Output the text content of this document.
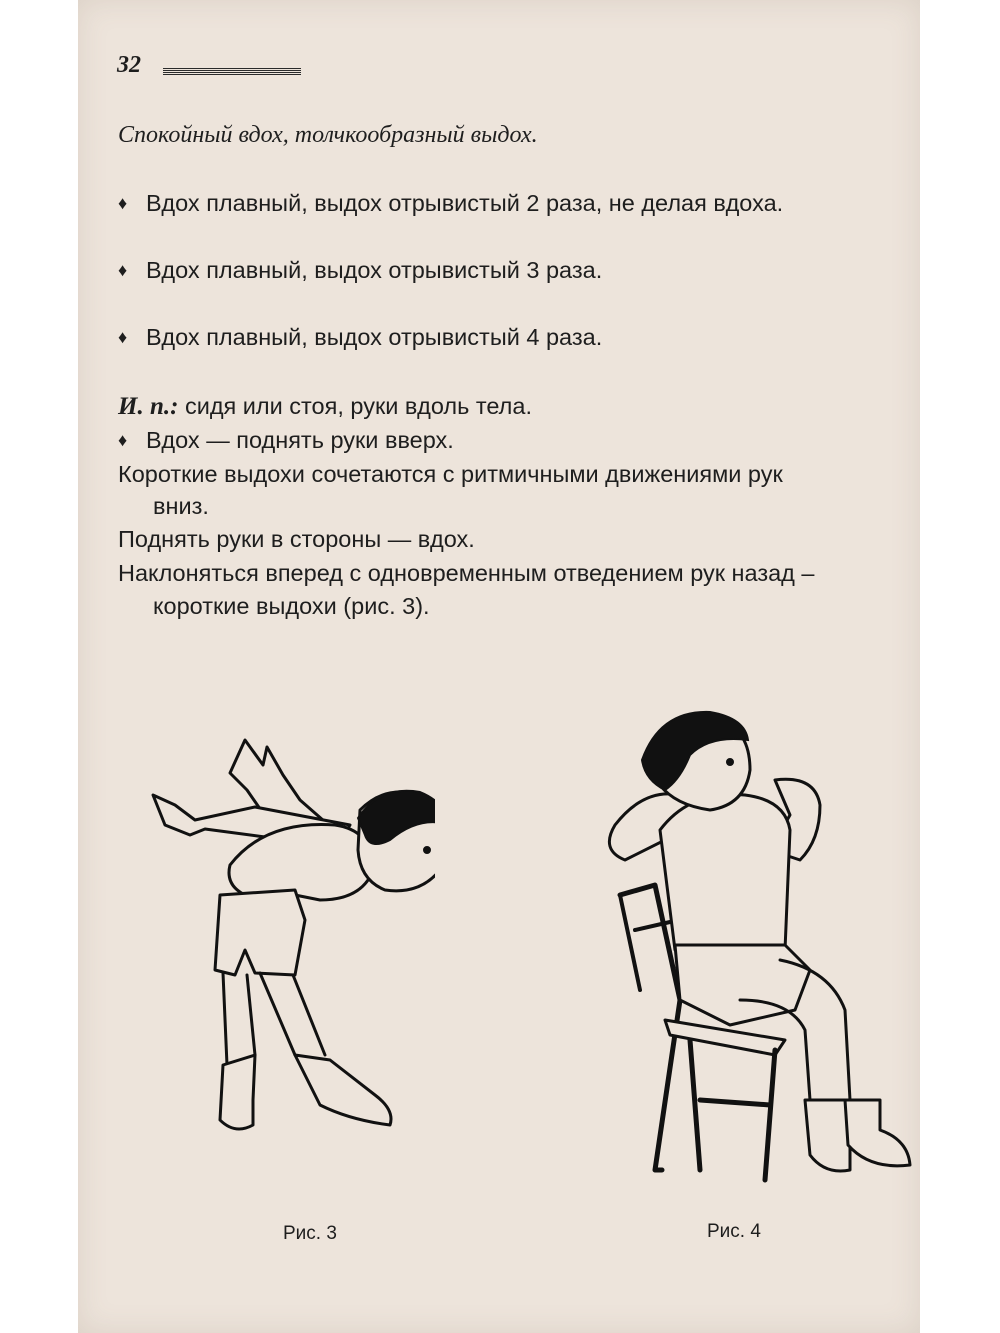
32
Спокойный вдох, толчкообразный выдох.
♦ Вдох плавный, выдох отрывистый 2 раза, не делая вдоха.
♦ Вдох плавный, выдох отрывистый 3 раза.
♦ Вдох плавный, выдох отрывистый 4 раза.
И. п.: сидя или стоя, руки вдоль тела.
♦ Вдох — поднять руки вверх.
Короткие выдохи сочетаются с ритмичными движениями рук
вниз.
Поднять руки в стороны — вдох.
Наклоняться вперед с одновременным отведением рук назад –
короткие выдохи (рис. 3).
Рис. 3	Рис. 4
